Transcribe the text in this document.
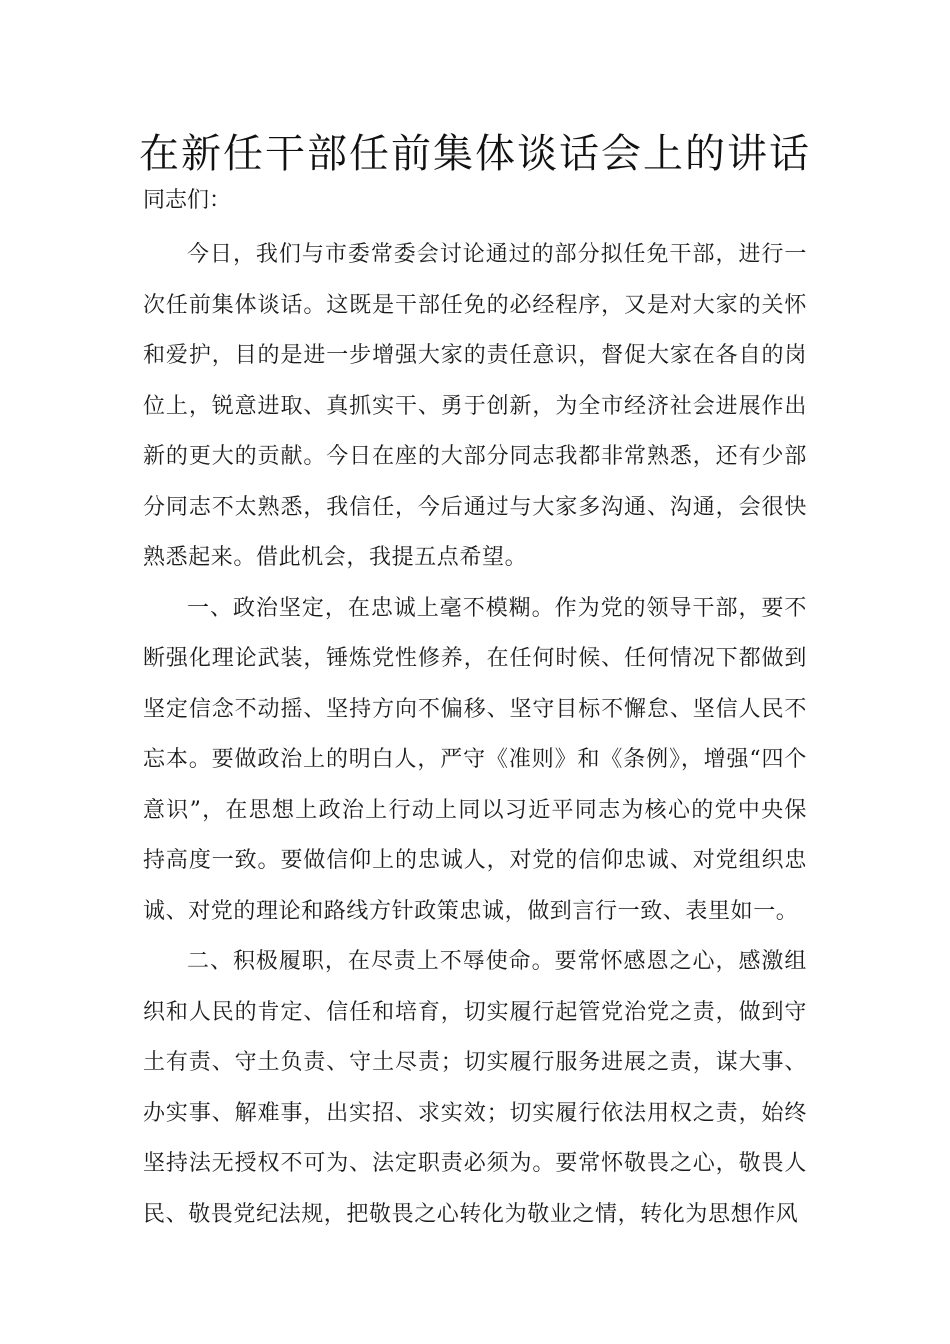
在新任干部任前集体谈话会上的讲话

同志们：

今日，我们与市委常委会讨论通过的部分拟任免干部，进行一次任前集体谈话。这既是干部任免的必经程序，又是对大家的关怀和爱护，目的是进一步增强大家的责任意识，督促大家在各自的岗位上，锐意进取、真抓实干、勇于创新，为全市经济社会进展作出新的更大的贡献。今日在座的大部分同志我都非常熟悉，还有少部分同志不太熟悉，我信任，今后通过与大家多沟通、沟通，会很快熟悉起来。借此机会，我提五点希望。

一、政治坚定，在忠诚上毫不模糊。作为党的领导干部，要不断强化理论武装，锤炼党性修养，在任何时候、任何情况下都做到坚定信念不动摇、坚持方向不偏移、坚守目标不懈怠、坚信人民不忘本。要做政治上的明白人，严守《准则》和《条例》，增强“四个意识”，在思想上政治上行动上同以习近平同志为核心的党中央保持高度一致。要做信仰上的忠诚人，对党的信仰忠诚、对党组织忠诚、对党的理论和路线方针政策忠诚，做到言行一致、表里如一。

二、积极履职，在尽责上不辱使命。要常怀感恩之心，感激组织和人民的肯定、信任和培育，切实履行起管党治党之责，做到守土有责、守土负责、守土尽责；切实履行服务进展之责，谋大事、办实事、解难事，出实招、求实效；切实履行依法用权之责，始终坚持法无授权不可为、法定职责必须为。要常怀敬畏之心，敬畏人民、敬畏党纪法规，把敬畏之心转化为敬业之情，转化为思想作风
